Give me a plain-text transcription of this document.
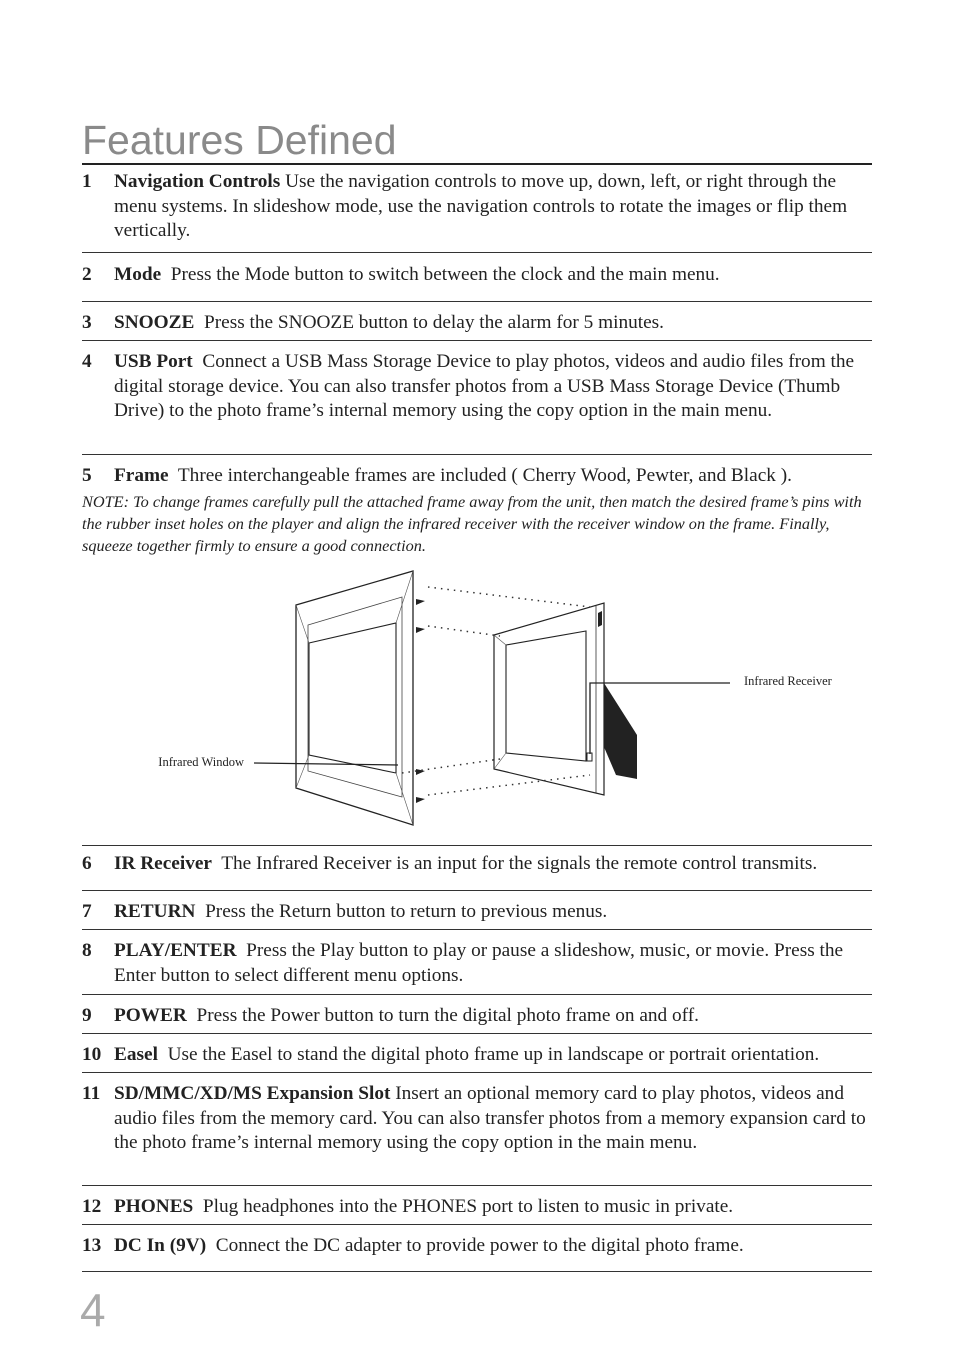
Features Defined
1 Navigation Controls Use the navigation controls to move up, down, left, or right through the menu systems. In slideshow mode, use the navigation controls to rotate the images or flip them vertically.
2 Mode Press the Mode button to switch between the clock and the main menu.
3 SNOOZE Press the SNOOZE button to delay the alarm for 5 minutes.
4 USB Port Connect a USB Mass Storage Device to play photos, videos and audio files from the digital storage device. You can also transfer photos from a USB Mass Storage Device (Thumb Drive) to the photo frame’s internal memory using the copy option in the main menu.
5 Frame Three interchangeable frames are included ( Cherry Wood, Pewter, and Black ).

NOTE: To change frames carefully pull the attached frame away from the unit, then match the desired frame’s pins with the rubber inset holes on the player and align the infrared receiver with the receiver window on the frame. Finally, squeeze together firmly to ensure a good connection.

Infrared Window
Infrared Receiver
6 IR Receiver The Infrared Receiver is an input for the signals the remote control transmits.
7 RETURN Press the Return button to return to previous menus.
8 PLAY/ENTER Press the Play button to play or pause a slideshow, music, or movie. Press the Enter button to select different menu options.
9 POWER Press the Power button to turn the digital photo frame on and off.
10 Easel Use the Easel to stand the digital photo frame up in landscape or portrait orientation.
11 SD/MMC/XD/MS Expansion Slot Insert an optional memory card to play photos, videos and audio files from the memory card. You can also transfer photos from a memory expansion card to the photo frame’s internal memory using the copy option in the main menu.
12 PHONES Plug headphones into the PHONES port to listen to music in private.
13 DC In (9V) Connect the DC adapter to provide power to the digital photo frame.
4
